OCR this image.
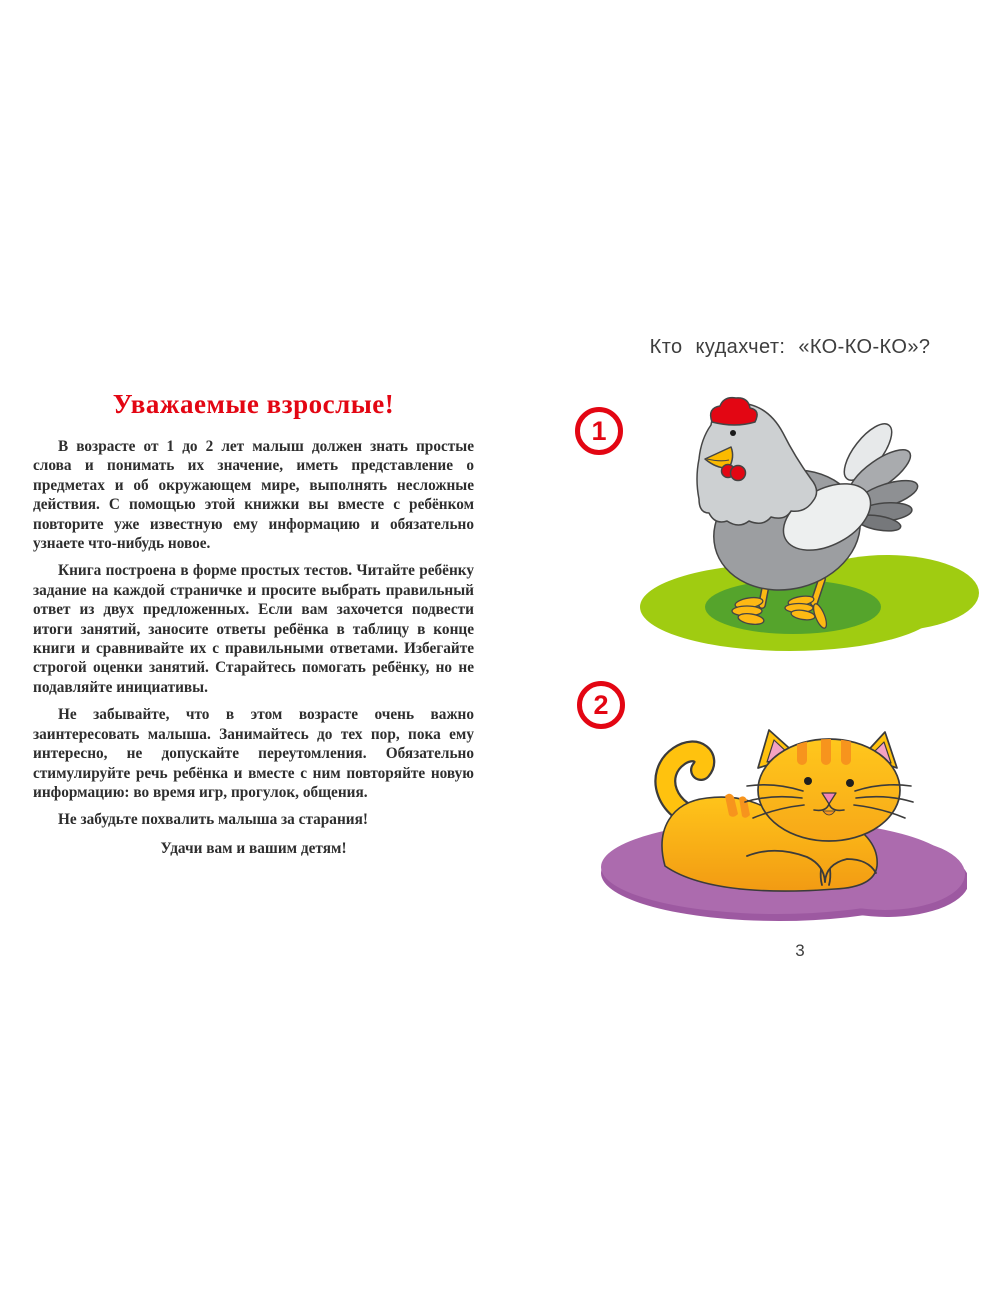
Уважаемые взрослые!

В возрасте от 1 до 2 лет малыш должен знать простые слова и понимать их значение, иметь представление о предметах и об окружающем мире, выполнять несложные действия. С помощью этой книжки вы вместе с ребёнком повторите уже известную ему информацию и обязательно узнаете что-нибудь новое.

Книга построена в форме простых тестов. Читайте ребёнку задание на каждой страничке и просите выбрать правильный ответ из двух предложенных. Если вам захочется подвести итоги занятий, заносите ответы ребёнка в таблицу в конце книги и сравнивайте их с правильными ответами. Избегайте строгой оценки занятий. Старайтесь помогать ребёнку, но не подавляйте инициативы.

Не забывайте, что в этом возрасте очень важно заинтересовать малыша. Занимайтесь до тех пор, пока ему интересно, не допускайте переутомления. Обязательно стимулируйте речь ребёнка и вместе с ним повторяйте новую информацию: во время игр, прогулок, общения.

Не забудьте похвалить малыша за старания!

Удачи вам и вашим детям!

Кто кудахчет: «КО-КО-КО»?
1
2
3
